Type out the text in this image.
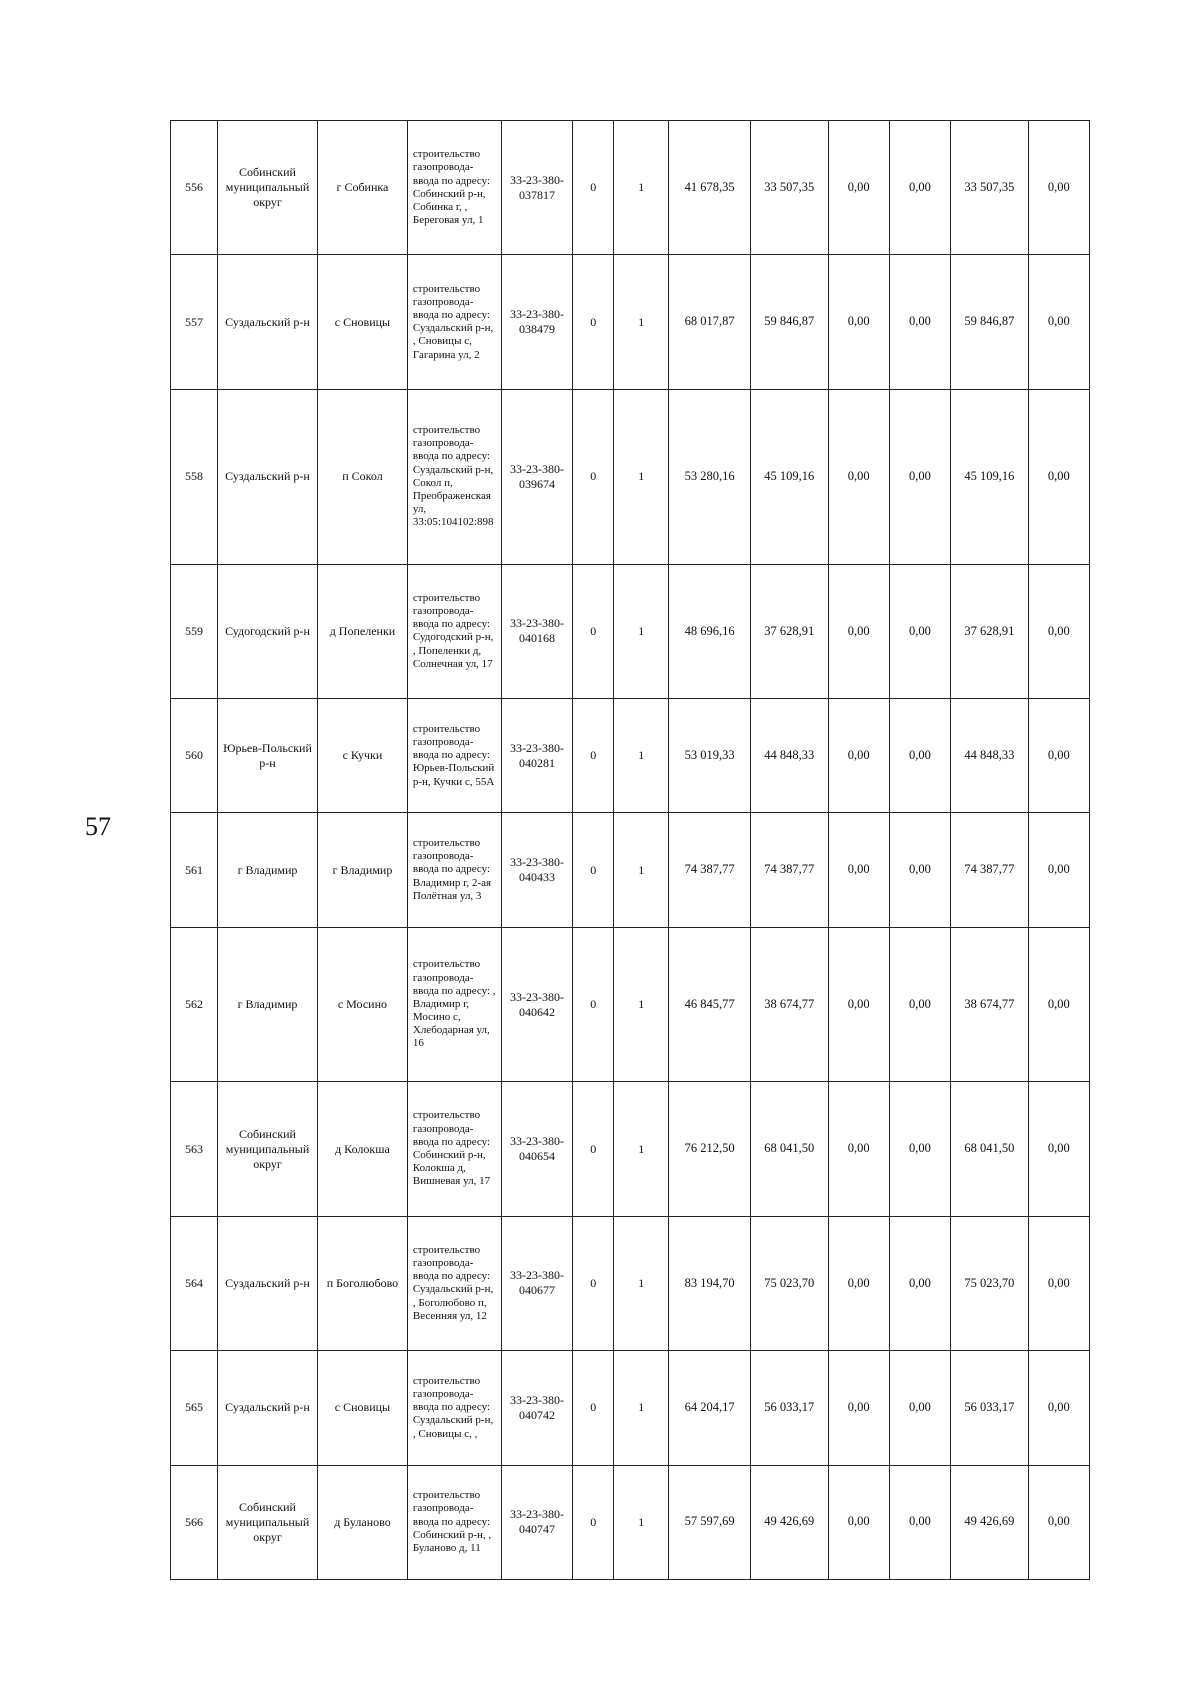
57
556	Собинский муниципальный округ	г Собинка	строительство газопровода-ввода по адресу: Собинский р-н, Собинка г, , Береговая ул, 1	33-23-380-037817	0	1	41 678,35	33 507,35	0,00	0,00	33 507,35	0,00
557	Суздальский р-н	с Сновицы	строительство газопровода-ввода по адресу: Суздальский р-н, , Сновицы с, Гагарина ул, 2	33-23-380-038479	0	1	68 017,87	59 846,87	0,00	0,00	59 846,87	0,00
558	Суздальский р-н	п Сокол	строительство газопровода-ввода по адресу: Суздальский р-н, Сокол п, Преображенская ул, 33:05:104102:898	33-23-380-039674	0	1	53 280,16	45 109,16	0,00	0,00	45 109,16	0,00
559	Судогодский р-н	д Попеленки	строительство газопровода-ввода по адресу: Судогодский р-н, , Попеленки д, Солнечная ул, 17	33-23-380-040168	0	1	48 696,16	37 628,91	0,00	0,00	37 628,91	0,00
560	Юрьев-Польский р-н	с Кучки	строительство газопровода-ввода по адресу: Юрьев-Польский р-н, Кучки с, 55А	33-23-380-040281	0	1	53 019,33	44 848,33	0,00	0,00	44 848,33	0,00
561	г Владимир	г Владимир	строительство газопровода-ввода по адресу: Владимир г, 2-ая Полётная ул, 3	33-23-380-040433	0	1	74 387,77	74 387,77	0,00	0,00	74 387,77	0,00
562	г Владимир	с Мосино	строительство газопровода-ввода по адресу: , Владимир г, Мосино с, Хлебодарная ул, 16	33-23-380-040642	0	1	46 845,77	38 674,77	0,00	0,00	38 674,77	0,00
563	Собинский муниципальный округ	д Колокша	строительство газопровода-ввода по адресу: Собинский р-н, Колокша д, Вишневая ул, 17	33-23-380-040654	0	1	76 212,50	68 041,50	0,00	0,00	68 041,50	0,00
564	Суздальский р-н	п Боголюбово	строительство газопровода-ввода по адресу: Суздальский р-н, , Боголюбово п, Весенняя ул, 12	33-23-380-040677	0	1	83 194,70	75 023,70	0,00	0,00	75 023,70	0,00
565	Суздальский р-н	с Сновицы	строительство газопровода-ввода по адресу: Суздальский р-н, , Сновицы с, ,	33-23-380-040742	0	1	64 204,17	56 033,17	0,00	0,00	56 033,17	0,00
566	Собинский муниципальный округ	д Буланово	строительство газопровода-ввода по адресу: Собинский р-н, , Буланово д, 11	33-23-380-040747	0	1	57 597,69	49 426,69	0,00	0,00	49 426,69	0,00
